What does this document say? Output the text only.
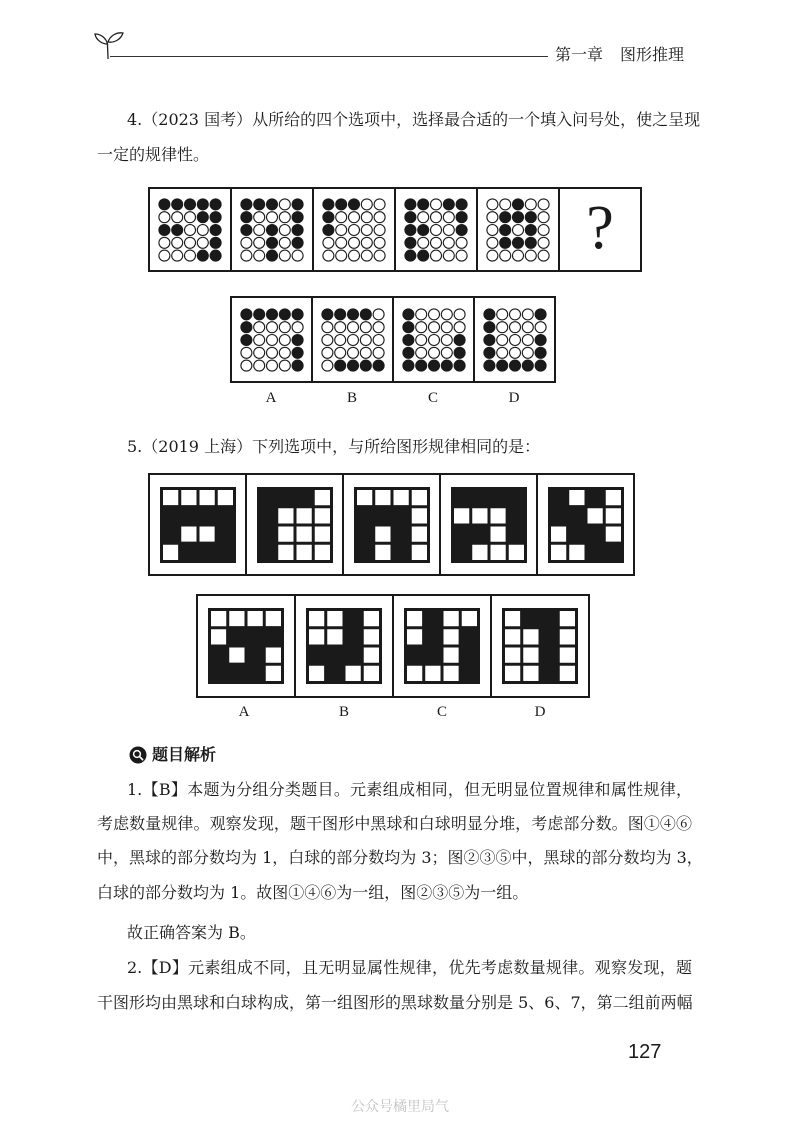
第一章 图形推理
4.（2023 国考）从所给的四个选项中，选择最合适的一个填入问号处，使之呈现
一定的规律性。
?
A	B	C	D
5.（2019 上海）下列选项中，与所给图形规律相同的是：
A	B	C	D
题目解析
1.【B】本题为分组分类题目。元素组成相同，但无明显位置规律和属性规律，
考虑数量规律。观察发现，题干图形中黑球和白球明显分堆，考虑部分数。图①④⑥
中，黑球的部分数均为 1，白球的部分数均为 3；图②③⑤中，黑球的部分数均为 3，
白球的部分数均为 1。故图①④⑥为一组，图②③⑤为一组。
故正确答案为 B。
2.【D】元素组成不同，且无明显属性规律，优先考虑数量规律。观察发现，题
干图形均由黑球和白球构成，第一组图形的黑球数量分别是 5、6、7，第二组前两幅
127
公众号橘里局气
